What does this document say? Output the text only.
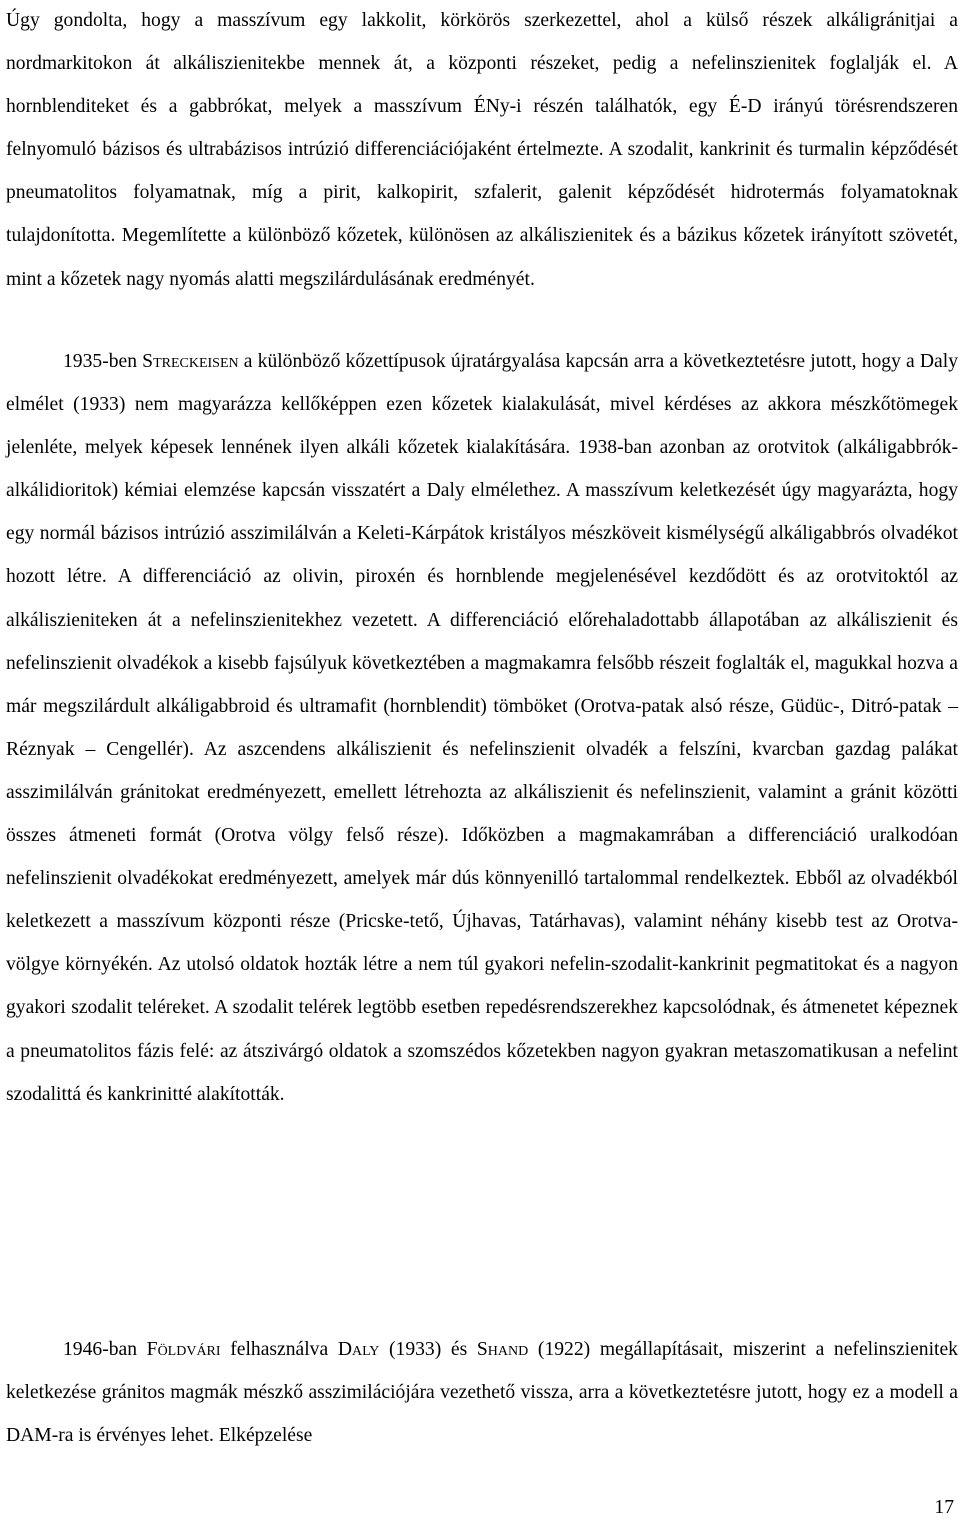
Úgy gondolta, hogy a masszívum egy lakkolit, körkörös szerkezettel, ahol a külső részek alkáligránitjai a nordmarkitokon át alkáliszienitekbe mennek át, a központi részeket, pedig a nefelinszienitek foglalják el. A hornblenditeket és a gabbrókat, melyek a masszívum ÉNy-i részén találhatók, egy É-D irányú törésrendszeren felnyomuló bázisos és ultrabázisos intrúzió differenciációjaként értelmezte. A szodalit, kankrinit és turmalin képződését pneumatolitos folyamatnak, míg a pirit, kalkopirit, szfalerit, galenit képződését hidrotermás folyamatoknak tulajdonította. Megemlítette a különböző kőzetek, különösen az alkáliszienitek és a bázikus kőzetek irányított szövetét, mint a kőzetek nagy nyomás alatti megszilárdulásának eredményét.

1935-ben Streckeisen a különböző kőzettípusok újratárgyalása kapcsán arra a következtetésre jutott, hogy a Daly elmélet (1933) nem magyarázza kellőképpen ezen kőzetek kialakulását, mivel kérdéses az akkora mészkőtömegek jelenléte, melyek képesek lennének ilyen alkáli kőzetek kialakítására. 1938-ban azonban az orotvitok (alkáligabbrók-alkálidioritok) kémiai elemzése kapcsán visszatért a Daly elmélethez. A masszívum keletkezését úgy magyarázta, hogy egy normál bázisos intrúzió asszimilálván a Keleti-Kárpátok kristályos mészköveit kismélységű alkáligabbrós olvadékot hozott létre. A differenciáció az olivin, piroxén és hornblende megjelenésével kezdődött és az orotvitoktól az alkáliszieniteken át a nefelinszienitekhez vezetett. A differenciáció előrehaladottabb állapotában az alkáliszienit és nefelinszienit olvadékok a kisebb fajsúlyuk következtében a magmakamra felsőbb részeit foglalták el, magukkal hozva a már megszilárdult alkáligabbroid és ultramafit (hornblendit) tömböket (Orotva-patak alsó része, Güdüc-, Ditró-patak – Réznyak – Cengellér). Az aszcendens alkáliszienit és nefelinszienit olvadék a felszíni, kvarcban gazdag palákat asszimilálván gránitokat eredményezett, emellett létrehozta az alkáliszienit és nefelinszienit, valamint a gránit közötti összes átmeneti formát (Orotva völgy felső része). Időközben a magmakamrában a differenciáció uralkodóan nefelinszienit olvadékokat eredményezett, amelyek már dús könnyenilló tartalommal rendelkeztek. Ebből az olvadékból keletkezett a masszívum központi része (Pricske-tető, Újhavas, Tatárhavas), valamint néhány kisebb test az Orotva-völgye környékén. Az utolsó oldatok hozták létre a nem túl gyakori nefelin-szodalit-kankrinit pegmatitokat és a nagyon gyakori szodalit teléreket. A szodalit telérek legtöbb esetben repedésrendszerekhez kapcsolódnak, és átmenetet képeznek a pneumatolitos fázis felé: az átszivárgó oldatok a szomszédos kőzetekben nagyon gyakran metaszomatikusan a nefelint szodalittá és kankrinitté alakították.

1946-ban Földvári felhasználva Daly (1933) és Shand (1922) megállapításait, miszerint a nefelinszienitek keletkezése gránitos magmák mészkő asszimilációjára vezethető vissza, arra a következtetésre jutott, hogy ez a modell a DAM-ra is érvényes lehet. Elképzelése

17
